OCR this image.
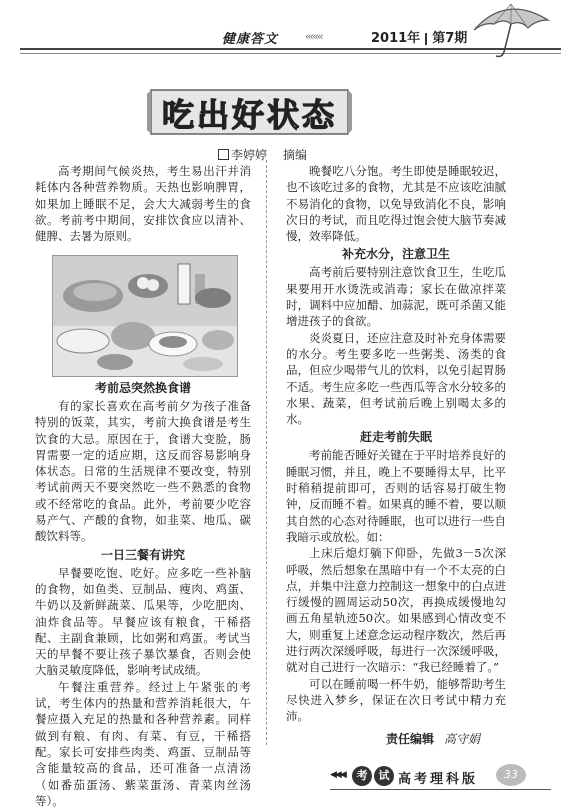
健康答文 ‹‹‹‹‹‹‹	2011年 第7期
吃出好状态
李婷婷 摘编

高考期间气候炎热，考生易出汗并消耗体内各种营养物质。天热也影响脾胃，如果加上睡眠不足，会大大减弱考生的食欲。考前考中期间，安排饮食应以清补、健脾、去暑为原则。

考前忌突然换食谱

有的家长喜欢在高考前夕为孩子准备特别的饭菜，其实，考前大换食谱是考生饮食的大忌。原因在于，食谱大变脸，肠胃需要一定的适应期，这反而容易影响身体状态。日常的生活规律不要改变，特别考试前两天不要突然吃一些不熟悉的食物或不经常吃的食品。此外，考前要少吃容易产气、产酸的食物，如韭菜、地瓜、碳酸饮料等。

一日三餐有讲究

早餐要吃饱、吃好。应多吃一些补脑的食物，如鱼类、豆制品、瘦肉、鸡蛋、牛奶以及新鲜蔬菜、瓜果等，少吃肥肉、油炸食品等。早餐应该有粮食，干稀搭配、主副食兼顾，比如粥和鸡蛋。考试当天的早餐不要让孩子暴饮暴食，否则会使大脑灵敏度降低，影响考试成绩。

午餐注重营养。经过上午紧张的考试，考生体内的热量和营养消耗很大，午餐应摄入充足的热量和各种营养素。同样做到有粮、有肉、有菜、有豆，干稀搭配。家长可安排些肉类、鸡蛋、豆制品等含能量较高的食品，还可准备一点清汤（如番茄蛋汤、紫菜蛋汤、青菜肉丝汤等）。

晚餐吃八分饱。考生即使是睡眠较迟，也不该吃过多的食物，尤其是不应该吃油腻不易消化的食物，以免导致消化不良，影响次日的考试，而且吃得过饱会使大脑节奏减慢，效率降低。

补充水分，注意卫生

高考前后要特别注意饮食卫生，生吃瓜果要用开水烫洗或消毒；家长在做凉拌菜时，调料中应加醋、加蒜泥，既可杀菌又能增进孩子的食欲。

炎炎夏日，还应注意及时补充身体需要的水分。考生要多吃一些粥类、汤类的食品，但应少喝带气儿的饮料，以免引起胃肠不适。考生应多吃一些西瓜等含水分较多的水果、蔬菜，但考试前后晚上别喝太多的水。

赶走考前失眠

考前能否睡好关键在于平时培养良好的睡眠习惯，并且，晚上不要睡得太早，比平时稍稍提前即可，否则的话容易打破生物钟，反而睡不着。如果真的睡不着，要以顺其自然的心态对待睡眠，也可以进行一些自我暗示或放松。如：

上床后熄灯躺下仰卧，先做3－5次深呼吸，然后想象在黑暗中有一个不太亮的白点，并集中注意力控制这一想象中的白点进行缓慢的圆周运动50次，再换成缓慢地勾画五角星轨迹50次。如果感到心情改变不大，则重复上述意念运动程序数次，然后再进行两次深缓呼吸，每进行一次深缓呼吸，就对自己进行一次暗示：“我已经睡着了。”

可以在睡前喝一杯牛奶，能够帮助考生尽快进入梦乡，保证在次日考试中精力充沛。

责任编辑 高守娟
◀◀◀	考	试 高考理科版	33
